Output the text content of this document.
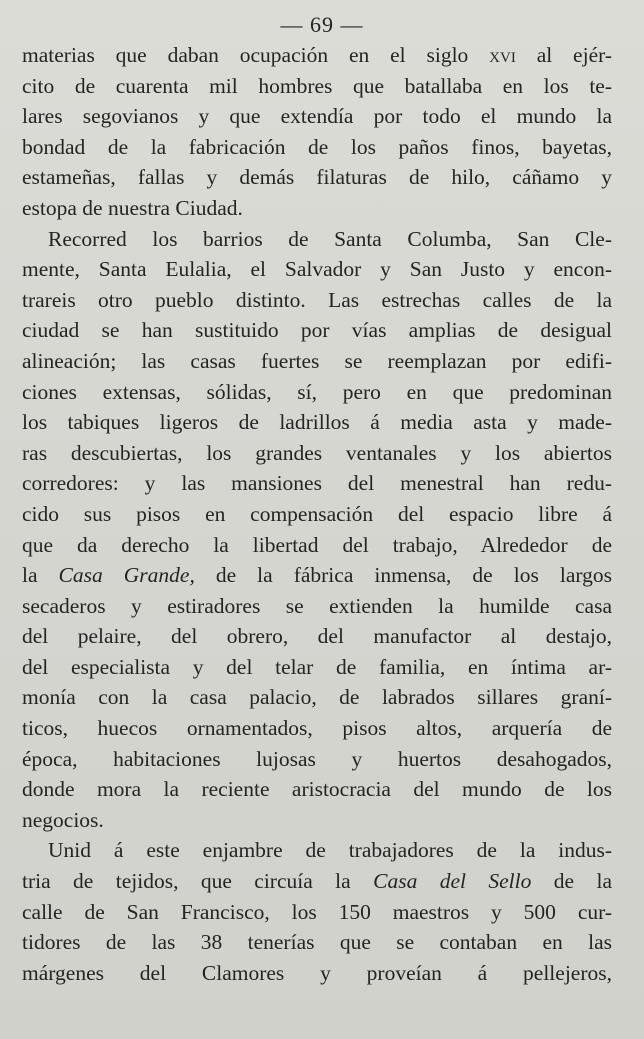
— 69 —
materias que daban ocupación en el siglo xvi al ejér-
cito de cuarenta mil hombres que batallaba en los te-
lares segovianos y que extendía por todo el mundo la
bondad de la fabricación de los paños finos, bayetas,
estameñas, fallas y demás filaturas de hilo, cáñamo y
estopa de nuestra Ciudad.
Recorred los barrios de Santa Columba, San Cle-
mente, Santa Eulalia, el Salvador y San Justo y encon-
trareis otro pueblo distinto. Las estrechas calles de la
ciudad se han sustituido por vías amplias de desigual
alineación; las casas fuertes se reemplazan por edifi-
ciones extensas, sólidas, sí, pero en que predominan
los tabiques ligeros de ladrillos á media asta y made-
ras descubiertas, los grandes ventanales y los abiertos
corredores: y las mansiones del menestral han redu-
cido sus pisos en compensación del espacio libre á
que da derecho la libertad del trabajo, Alrededor de
la Casa Grande, de la fábrica inmensa, de los largos
secaderos y estiradores se extienden la humilde casa
del pelaire, del obrero, del manufactor al destajo,
del especialista y del telar de familia, en íntima ar-
monía con la casa palacio, de labrados sillares graní-
ticos, huecos ornamentados, pisos altos, arquería de
época, habitaciones lujosas y huertos desahogados,
donde mora la reciente aristocracia del mundo de los
negocios.
Unid á este enjambre de trabajadores de la indus-
tria de tejidos, que circuía la Casa del Sello de la
calle de San Francisco, los 150 maestros y 500 cur-
tidores de las 38 tenerías que se contaban en las
márgenes del Clamores y proveían á pellejeros,
